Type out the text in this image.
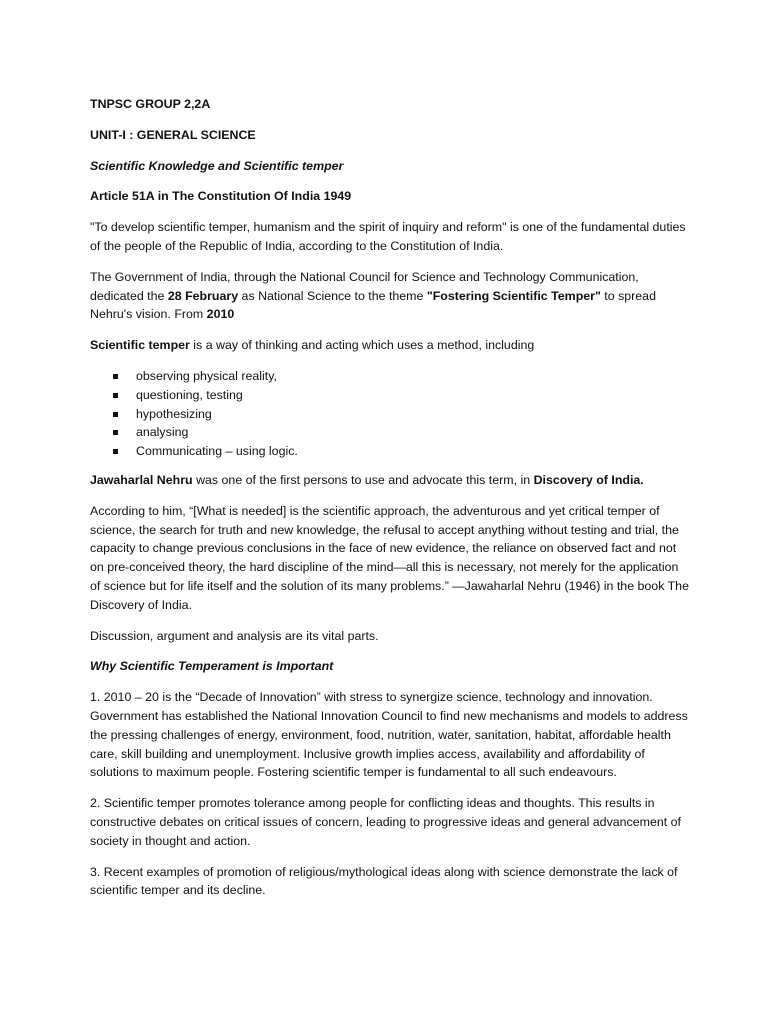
TNPSC GROUP 2,2A

UNIT-I : GENERAL SCIENCE

Scientific Knowledge and Scientific temper

Article 51A in The Constitution Of India 1949

"To develop scientific temper, humanism and the spirit of inquiry and reform" is one of the fundamental duties of the people of the Republic of India, according to the Constitution of India.

The Government of India, through the National Council for Science and Technology Communication, dedicated the 28 February as National Science to the theme "Fostering Scientific Temper" to spread Nehru's vision. From 2010

Scientific temper is a way of thinking and acting which uses a method, including

observing physical reality,
questioning, testing
hypothesizing
analysing
Communicating – using logic.

Jawaharlal Nehru was one of the first persons to use and advocate this term, in Discovery of India.

According to him, “[What is needed] is the scientific approach, the adventurous and yet critical temper of science, the search for truth and new knowledge, the refusal to accept anything without testing and trial, the capacity to change previous conclusions in the face of new evidence, the reliance on observed fact and not on pre-conceived theory, the hard discipline of the mind—all this is necessary, not merely for the application of science but for life itself and the solution of its many problems.” —Jawaharlal Nehru (1946) in the book The Discovery of India.

Discussion, argument and analysis are its vital parts.

Why Scientific Temperament is Important

1. 2010 – 20 is the “Decade of Innovation” with stress to synergize science, technology and innovation. Government has established the National Innovation Council to find new mechanisms and models to address the pressing challenges of energy, environment, food, nutrition, water, sanitation, habitat, affordable health care, skill building and unemployment. Inclusive growth implies access, availability and affordability of solutions to maximum people. Fostering scientific temper is fundamental to all such endeavours.

2. Scientific temper promotes tolerance among people for conflicting ideas and thoughts. This results in constructive debates on critical issues of concern, leading to progressive ideas and general advancement of society in thought and action.

3. Recent examples of promotion of religious/mythological ideas along with science demonstrate the lack of scientific temper and its decline.
